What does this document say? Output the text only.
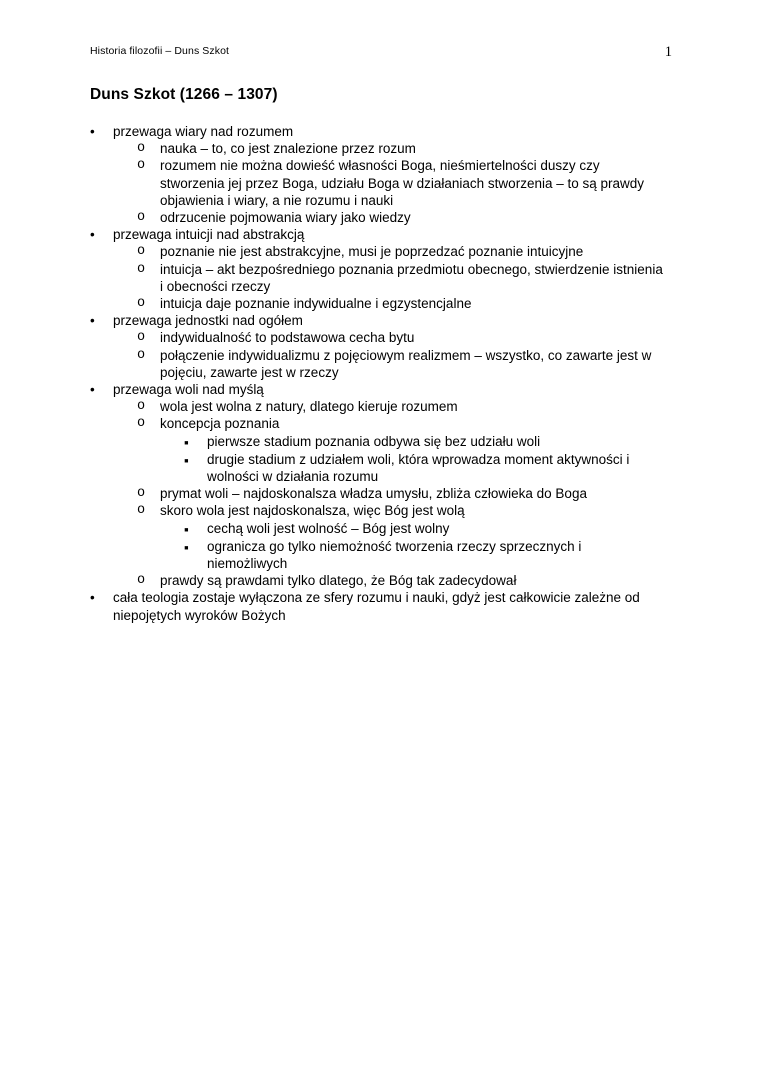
Historia filozofii – Duns Szkot	1
Duns Szkot (1266 – 1307)
•	przewaga wiary nad rozumem
o	nauka – to, co jest znalezione przez rozum
o	rozumem nie można dowieść własności Boga, nieśmiertelności duszy czy stworzenia jej przez Boga, udziału Boga w działaniach stworzenia – to są prawdy objawienia i wiary, a nie rozumu i nauki
o	odrzucenie pojmowania wiary jako wiedzy
•	przewaga intuicji nad abstrakcją
o	poznanie nie jest abstrakcyjne, musi je poprzedzać poznanie intuicyjne
o	intuicja – akt bezpośredniego poznania przedmiotu obecnego, stwierdzenie istnienia i obecności rzeczy
o	intuicja daje poznanie indywidualne i egzystencjalne
•	przewaga jednostki nad ogółem
o	indywidualność to podstawowa cecha bytu
o	połączenie indywidualizmu z pojęciowym realizmem – wszystko, co zawarte jest w pojęciu, zawarte jest w rzeczy
•	przewaga woli nad myślą
o	wola jest wolna z natury, dlatego kieruje rozumem
o	koncepcja poznania
▪	pierwsze stadium poznania odbywa się bez udziału woli
▪	drugie stadium z udziałem woli, która wprowadza moment aktywności i wolności w działania rozumu
o	prymat woli – najdoskonalsza władza umysłu, zbliża człowieka do Boga
o	skoro wola jest najdoskonalsza, więc Bóg jest wolą
▪	cechą woli jest wolność – Bóg jest wolny
▪	ogranicza go tylko niemożność tworzenia rzeczy sprzecznych i niemożliwych
o	prawdy są prawdami tylko dlatego, że Bóg tak zadecydował
•	cała teologia zostaje wyłączona ze sfery rozumu i nauki, gdyż jest całkowicie zależne od niepojętych wyroków Bożych
